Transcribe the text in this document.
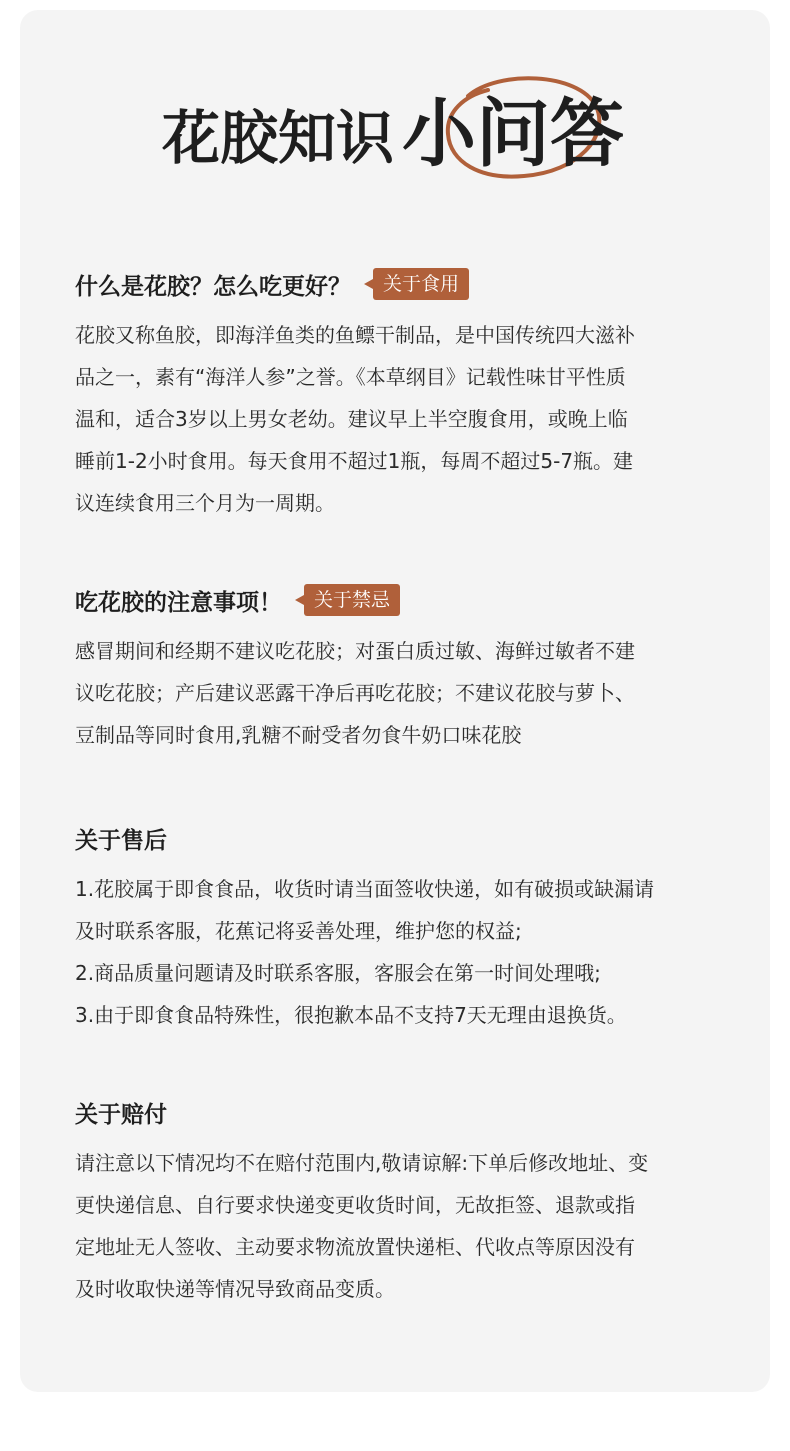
花胶知识 小问答
什么是花胶？怎么吃更好？	关于食用
花胶又称鱼胶，即海洋鱼类的鱼鳔干制品，是中国传统四大滋补
品之一，素有“海洋人参”之誉。《本草纲目》记载性味甘平性质
温和，适合3岁以上男女老幼。建议早上半空腹食用，或晚上临
睡前1-2小时食用。每天食用不超过1瓶，每周不超过5-7瓶。建
议连续食用三个月为一周期。
吃花胶的注意事项！	关于禁忌
感冒期间和经期不建议吃花胶；对蛋白质过敏、海鲜过敏者不建
议吃花胶；产后建议恶露干净后再吃花胶；不建议花胶与萝卜、
豆制品等同时食用,乳糖不耐受者勿食牛奶口味花胶
关于售后
1.花胶属于即食食品，收货时请当面签收快递，如有破损或缺漏请
及时联系客服，花蕉记将妥善处理，维护您的权益;
2.商品质量问题请及时联系客服，客服会在第一时间处理哦;
3.由于即食食品特殊性，很抱歉本品不支持7天无理由退换货。
关于赔付
请注意以下情况均不在赔付范围内,敬请谅解:下单后修改地址、变
更快递信息、自行要求快递变更收货时间，无故拒签、退款或指
定地址无人签收、主动要求物流放置快递柜、代收点等原因没有
及时收取快递等情况导致商品变质。
